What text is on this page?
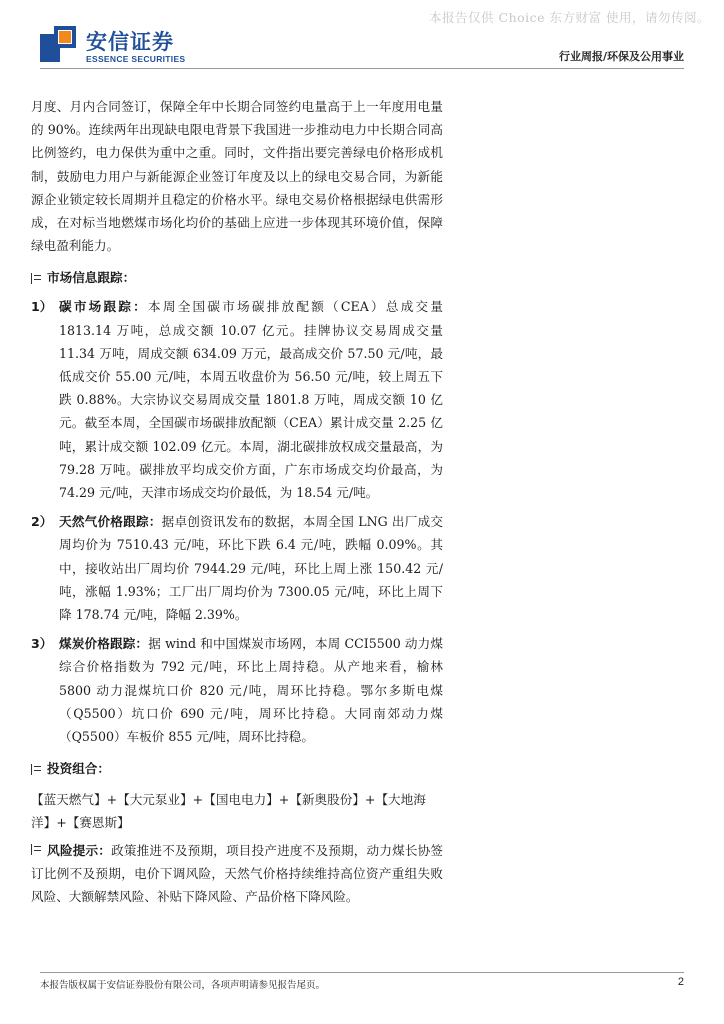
本报告仅供 Choice 东方财富 使用，请勿传阅。
安信证券
ESSENCE SECURITIES	行业周报/环保及公用事业

月度、月内合同签订，保障全年中长期合同签约电量高于上一年度用电量的 90%。连续两年出现缺电限电背景下我国进一步推动电力中长期合同高比例签约，电力保供为重中之重。同时，文件指出要完善绿电价格形成机制，鼓励电力用户与新能源企业签订年度及以上的绿电交易合同，为新能源企业锁定较长周期并且稳定的价格水平。绿电交易价格根据绿电供需形成，在对标当地燃煤市场化均价的基础上应进一步体现其环境价值，保障绿电盈利能力。

市场信息跟踪：
1） 碳市场跟踪：本周全国碳市场碳排放配额（CEA）总成交量 1813.14 万吨，总成交额 10.07 亿元。挂牌协议交易周成交量 11.34 万吨，周成交额 634.09 万元，最高成交价 57.50 元/吨，最低成交价 55.00 元/吨，本周五收盘价为 56.50 元/吨，较上周五下跌 0.88%。大宗协议交易周成交量 1801.8 万吨，周成交额 10 亿元。截至本周，全国碳市场碳排放配额（CEA）累计成交量 2.25 亿吨，累计成交额 102.09 亿元。本周，湖北碳排放权成交量最高，为 79.28 万吨。碳排放平均成交价方面，广东市场成交均价最高，为 74.29 元/吨，天津市场成交均价最低，为 18.54 元/吨。
2） 天然气价格跟踪：据卓创资讯发布的数据，本周全国 LNG 出厂成交周均价为 7510.43 元/吨，环比下跌 6.4 元/吨，跌幅 0.09%。其中，接收站出厂周均价 7944.29 元/吨，环比上周上涨 150.42 元/吨，涨幅 1.93%；工厂出厂周均价为 7300.05 元/吨，环比上周下降 178.74 元/吨，降幅 2.39%。
3） 煤炭价格跟踪：据 wind 和中国煤炭市场网，本周 CCI5500 动力煤综合价格指数为 792 元/吨，环比上周持稳。从产地来看，榆林 5800 动力混煤坑口价 820 元/吨，周环比持稳。鄂尔多斯电煤（Q5500）坑口价 690 元/吨，周环比持稳。大同南郊动力煤（Q5500）车板价 855 元/吨，周环比持稳。
投资组合：
【蓝天燃气】+【大元泵业】+【国电电力】+【新奥股份】+【大地海洋】+【赛恩斯】
风险提示：政策推进不及预期，项目投产进度不及预期，动力煤长协签订比例不及预期，电价下调风险，天然气价格持续维持高位资产重组失败风险、大额解禁风险、补贴下降风险、产品价格下降风险。
本报告版权属于安信证券股份有限公司，各项声明请参见报告尾页。	2
